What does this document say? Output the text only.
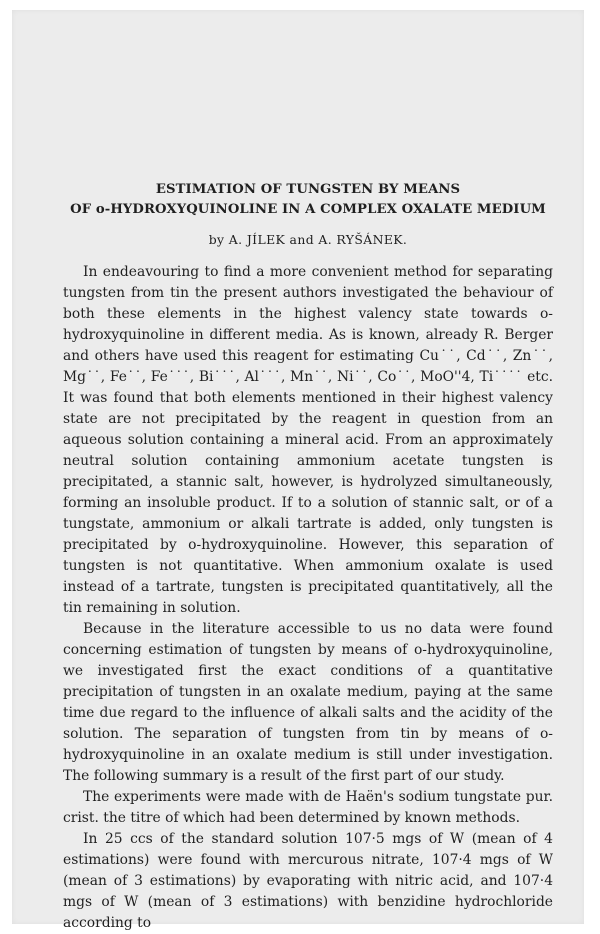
ESTIMATION OF TUNGSTEN BY MEANS
OF o-HYDROXYQUINOLINE IN A COMPLEX OXALATE MEDIUM
by A. JÍLEK and A. RYŠÁNEK.

In endeavouring to find a more convenient method for separating tungsten from tin the present authors investigated the behaviour of both these elements in the highest valency state towards o-hydroxyquinoline in different media. As is known, already R. Berger and others have used this reagent for estimating Cu˙˙, Cd˙˙, Zn˙˙, Mg˙˙, Fe˙˙, Fe˙˙˙, Bi˙˙˙, Al˙˙˙, Mn˙˙, Ni˙˙, Co˙˙, MoO''4, Ti˙˙˙˙ etc. It was found that both elements mentioned in their highest valency state are not precipitated by the reagent in question from an aqueous solution containing a mineral acid. From an approximately neutral solution containing ammonium acetate tungsten is precipitated, a stannic salt, however, is hydrolyzed simultaneously, forming an insoluble product. If to a solution of stannic salt, or of a tungstate, ammonium or alkali tartrate is added, only tungsten is precipitated by o-hydroxyquinoline. However, this separation of tungsten is not quantitative. When ammonium oxalate is used instead of a tartrate, tungsten is precipitated quantitatively, all the tin remaining in solution.

Because in the literature accessible to us no data were found concerning estimation of tungsten by means of o-hydroxyquinoline, we investigated first the exact conditions of a quantitative precipitation of tungsten in an oxalate medium, paying at the same time due regard to the influence of alkali salts and the acidity of the solution. The separation of tungsten from tin by means of o-hydroxyquinoline in an oxalate medium is still under investigation. The following summary is a result of the first part of our study.

The experiments were made with de Haën's sodium tungstate pur. crist. the titre of which had been determined by known methods.

In 25 ccs of the standard solution 107·5 mgs of W (mean of 4 estimations) were found with mercurous nitrate, 107·4 mgs of W (mean of 3 estimations) by evaporating with nitric acid, and 107·4 mgs of W (mean of 3 estimations) with benzidine hydrochloride according to
